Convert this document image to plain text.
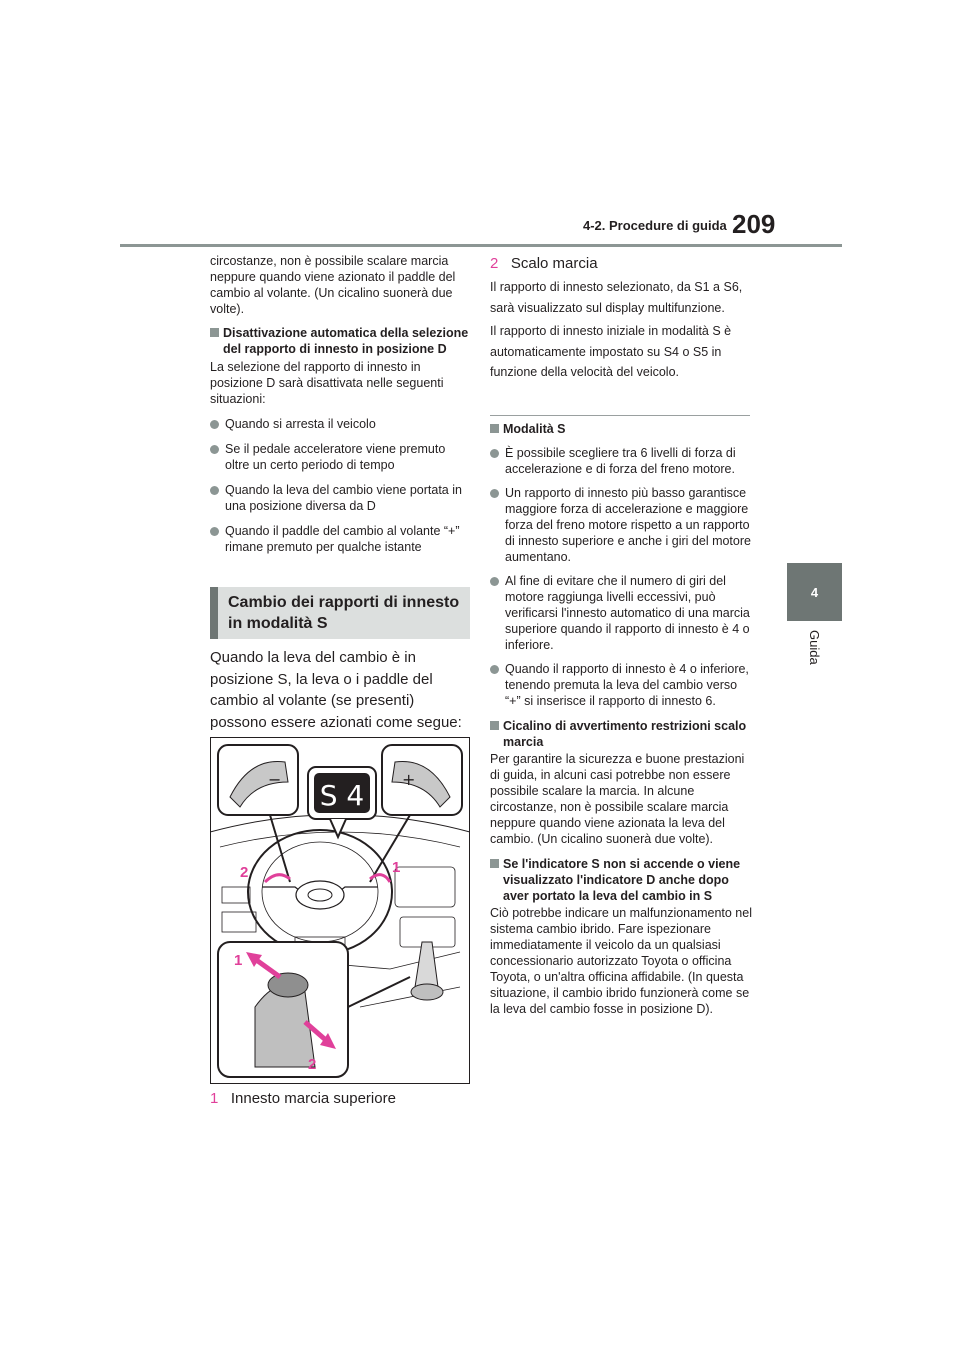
4-2. Procedure di guida 209
4
Guida

circostanze, non è possibile scalare marcia neppure quando viene azionato il paddle del cambio al volante. (Un cicalino suonerà due volte).

Disattivazione automatica della selezione del rapporto di innesto in posizione D

La selezione del rapporto di innesto in posizione D sarà disattivata nelle seguenti situazioni:

Quando si arresta il veicolo

Se il pedale acceleratore viene premuto oltre un certo periodo di tempo

Quando la leva del cambio viene portata in una posizione diversa da D

Quando il paddle del cambio al volante “+” rimane premuto per qualche istante

Cambio dei rapporti di innesto in modalità S
Quando la leva del cambio è in posizione S, la leva o i paddle del cambio al volante (se presenti) possono essere azionati come segue:
−	+
S 4
2	1
1
2
1 Innesto marcia superiore
2 Scalo marcia

Il rapporto di innesto selezionato, da S1 a S6, sarà visualizzato sul display multifunzione.

Il rapporto di innesto iniziale in modalità S è automaticamente impostato su S4 o S5 in funzione della velocità del veicolo.

Modalità S

È possibile scegliere tra 6 livelli di forza di accelerazione e di forza del freno motore.

Un rapporto di innesto più basso garantisce maggiore forza di accelerazione e maggiore forza del freno motore rispetto a un rapporto di innesto superiore e anche i giri del motore aumentano.

Al fine di evitare che il numero di giri del motore raggiunga livelli eccessivi, può verificarsi l'innesto automatico di una marcia superiore quando il rapporto di innesto è 4 o inferiore.

Quando il rapporto di innesto è 4 o inferiore, tenendo premuta la leva del cambio verso “+” si inserisce il rapporto di innesto 6.

Cicalino di avvertimento restrizioni scalo marcia

Per garantire la sicurezza e buone prestazioni di guida, in alcuni casi potrebbe non essere possibile scalare la marcia. In alcune circostanze, non è possibile scalare marcia neppure quando viene azionata la leva del cambio. (Un cicalino suonerà due volte).

Se l'indicatore S non si accende o viene visualizzato l'indicatore D anche dopo aver portato la leva del cambio in S

Ciò potrebbe indicare un malfunzionamento nel sistema cambio ibrido. Fare ispezionare immediatamente il veicolo da un qualsiasi concessionario autorizzato Toyota o officina Toyota, o un'altra officina affidabile. (In questa situazione, il cambio ibrido funzionerà come se la leva del cambio fosse in posizione D).
